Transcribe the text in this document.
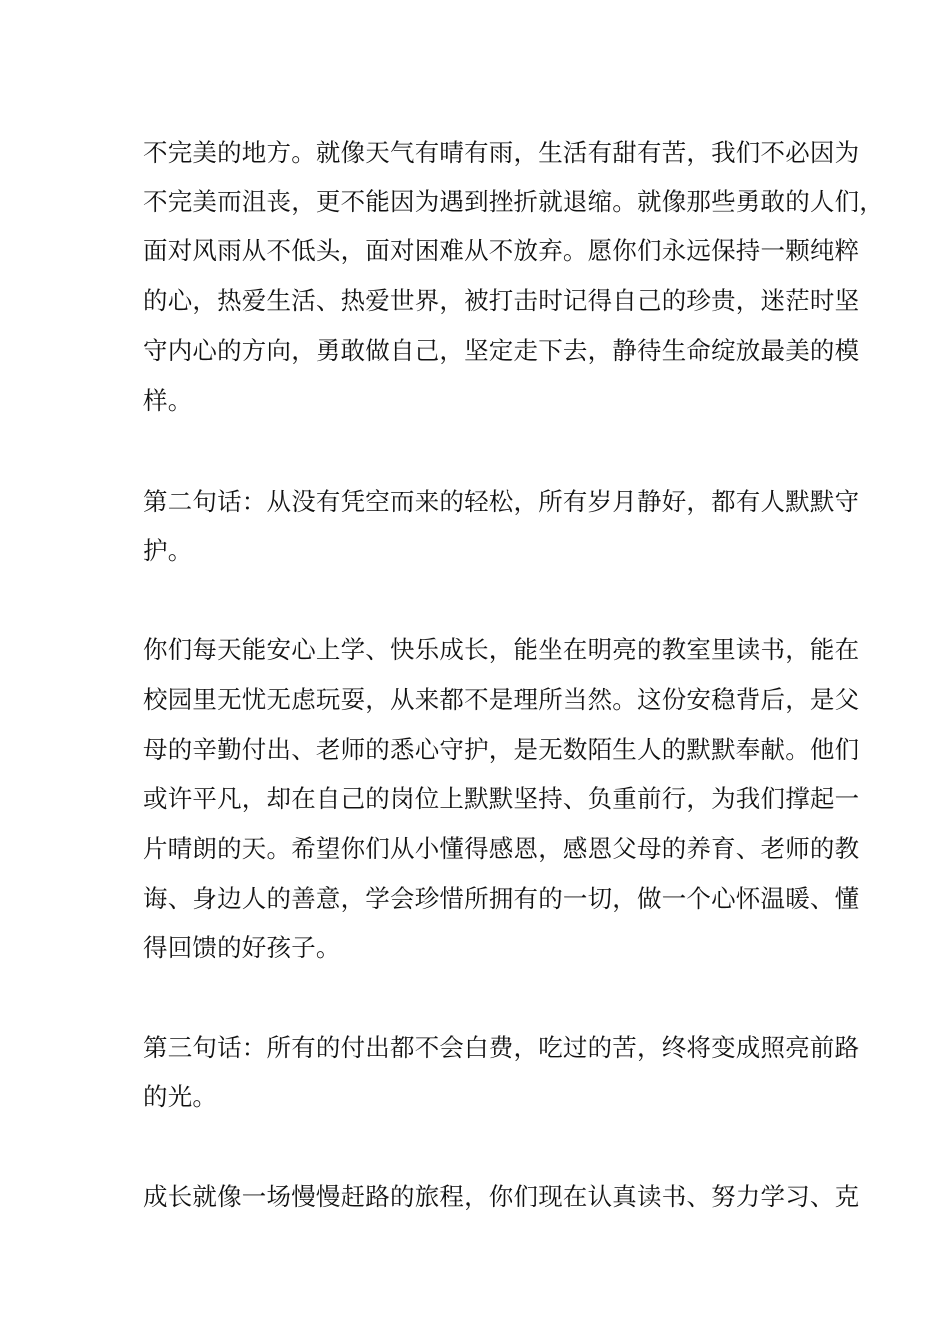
不完美的地方。就像天气有晴有雨，生活有甜有苦，我们不必因为
不完美而沮丧，更不能因为遇到挫折就退缩。就像那些勇敢的人们，
面对风雨从不低头，面对困难从不放弃。愿你们永远保持一颗纯粹
的心，热爱生活、热爱世界，被打击时记得自己的珍贵，迷茫时坚
守内心的方向，勇敢做自己，坚定走下去，静待生命绽放最美的模
样。
第二句话：从没有凭空而来的轻松，所有岁月静好，都有人默默守
护。
你们每天能安心上学、快乐成长，能坐在明亮的教室里读书，能在
校园里无忧无虑玩耍，从来都不是理所当然。这份安稳背后，是父
母的辛勤付出、老师的悉心守护，是无数陌生人的默默奉献。他们
或许平凡，却在自己的岗位上默默坚持、负重前行，为我们撑起一
片晴朗的天。希望你们从小懂得感恩，感恩父母的养育、老师的教
诲、身边人的善意，学会珍惜所拥有的一切，做一个心怀温暖、懂
得回馈的好孩子。
第三句话：所有的付出都不会白费，吃过的苦，终将变成照亮前路
的光。
成长就像一场慢慢赶路的旅程，你们现在认真读书、努力学习、克
